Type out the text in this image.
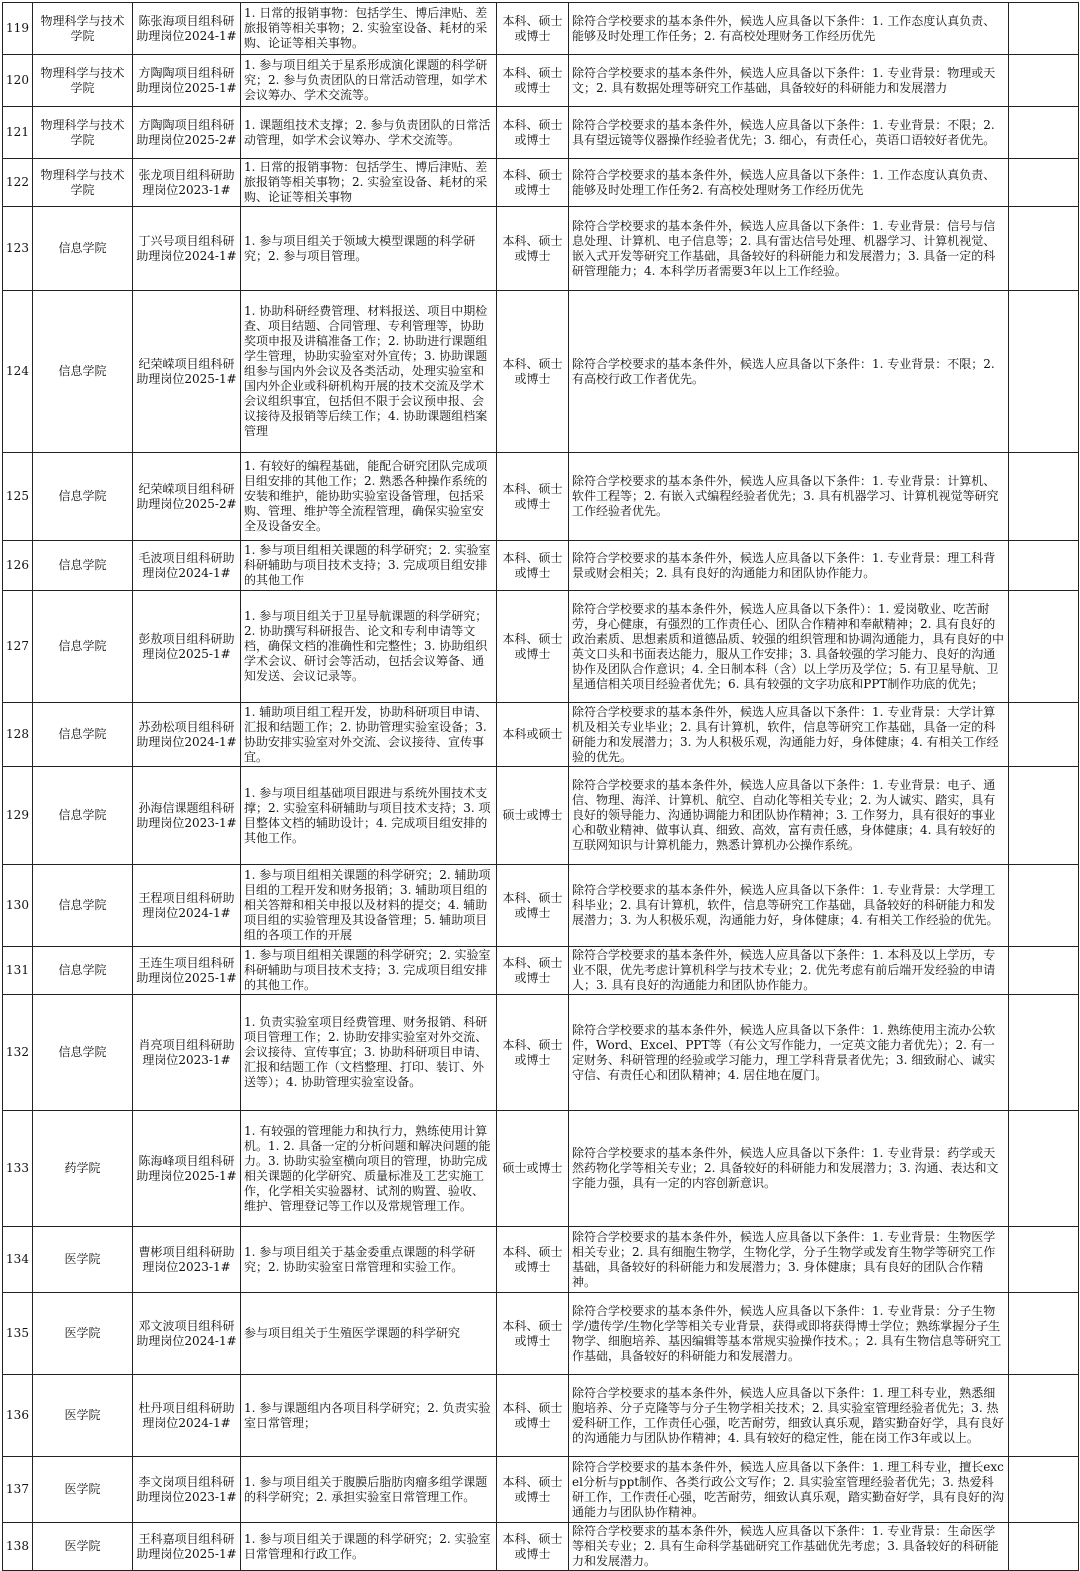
119	物理科学与技术学院	陈张海项目组科研助理岗位2024-1#	1. 日常的报销事物：包括学生、博后津贴、差旅报销等相关事物；2. 实验室设备、耗材的采购、论证等相关事物。	本科、硕士或博士	除符合学校要求的基本条件外，候选人应具备以下条件：1. 工作态度认真负责、能够及时处理工作任务；2. 有高校处理财务工作经历优先	
120	物理科学与技术学院	方陶陶项目组科研助理岗位2025-1#	1. 参与项目组关于星系形成演化课题的科学研究；2. 参与负责团队的日常活动管理，如学术会议筹办、学术交流等。	本科、硕士或博士	除符合学校要求的基本条件外，候选人应具备以下条件：1. 专业背景：物理或天文；2. 具有数据处理等研究工作基础，具备较好的科研能力和发展潜力	
121	物理科学与技术学院	方陶陶项目组科研助理岗位2025-2#	1. 课题组技术支撑；2. 参与负责团队的日常活动管理，如学术会议筹办、学术交流等。	本科、硕士或博士	除符合学校要求的基本条件外，候选人应具备以下条件：1. 专业背景：不限；2. 具有望远镜等仪器操作经验者优先；3. 细心，有责任心，英语口语较好者优先。	
122	物理科学与技术学院	张龙项目组科研助理岗位2023-1#	1. 日常的报销事物：包括学生、博后津贴、差旅报销等相关事物；2. 实验室设备、耗材的采购、论证等相关事物	本科、硕士或博士	除符合学校要求的基本条件外，候选人应具备以下条件：1. 工作态度认真负责、能够及时处理工作任务2. 有高校处理财务工作经历优先	
123	信息学院	丁兴号项目组科研助理岗位2024-1#	1. 参与项目组关于领域大模型课题的科学研究；2. 参与项目管理。	本科、硕士或博士	除符合学校要求的基本条件外，候选人应具备以下条件：1. 专业背景：信号与信息处理、计算机、电子信息等；2. 具有雷达信号处理、机器学习、计算机视觉、嵌入式开发等研究工作基础，具备较好的科研能力和发展潜力；3. 具备一定的科研管理能力；4. 本科学历者需要3年以上工作经验。	
124	信息学院	纪荣嵘项目组科研助理岗位2025-1#	1. 协助科研经费管理、材料报送、项目中期检查、项目结题、合同管理、专利管理等，协助奖项申报及讲稿准备工作；2. 协助进行课题组学生管理，协助实验室对外宣传；3. 协助课题组参与国内外会议及各类活动，处理实验室和国内外企业或科研机构开展的技术交流及学术会议组织事宜，包括但不限于会议预申报、会议接待及报销等后续工作；4. 协助课题组档案管理	本科、硕士或博士	除符合学校要求的基本条件外，候选人应具备以下条件：1. 专业背景：不限；2. 有高校行政工作者优先。	
125	信息学院	纪荣嵘项目组科研助理岗位2025-2#	1. 有较好的编程基础，能配合研究团队完成项目组安排的其他工作；2. 熟悉各种操作系统的安装和维护，能协助实验室设备管理，包括采购、管理、维护等全流程管理，确保实验室安全及设备安全。	本科、硕士或博士	除符合学校要求的基本条件外，候选人应具备以下条件：1. 专业背景：计算机、软件工程等；2. 有嵌入式编程经验者优先；3. 具有机器学习、计算机视觉等研究工作经验者优先。	
126	信息学院	毛波项目组科研助理岗位2024-1#	1. 参与项目组相关课题的科学研究；2. 实验室科研辅助与项目技术支持；3. 完成项目组安排的其他工作	本科、硕士或博士	除符合学校要求的基本条件外，候选人应具备以下条件：1. 专业背景：理工科背景或财会相关；2. 具有良好的沟通能力和团队协作能力。	
127	信息学院	彭敖项目组科研助理岗位2025-1#	1. 参与项目组关于卫星导航课题的科学研究；2. 协助撰写科研报告、论文和专利申请等文档，确保文档的准确性和完整性；3. 协助组织学术会议、研讨会等活动，包括会议筹备、通知发送、会议记录等。	本科、硕士或博士	除符合学校要求的基本条件外，候选人应具备以下条件）：1. 爱岗敬业、吃苦耐劳，身心健康，有强烈的工作责任心、团队合作精神和奉献精神；2. 具有良好的政治素质、思想素质和道德品质、较强的组织管理和协调沟通能力，具有良好的中英文口头和书面表达能力，服从工作安排；3. 具备较强的学习能力、良好的沟通协作及团队合作意识；4. 全日制本科（含）以上学历及学位；5. 有卫星导航、卫星通信相关项目经验者优先；6. 具有较强的文字功底和PPT制作功底的优先；	
128	信息学院	苏劲松项目组科研助理岗位2024-1#	1. 辅助项目组工程开发，协助科研项目申请、汇报和结题工作；2. 协助管理实验室设备；3. 协助安排实验室对外交流、会议接待、宣传事宜。	本科或硕士	除符合学校要求的基本条件外，候选人应具备以下条件：1. 专业背景：大学计算机及相关专业毕业；2. 具有计算机，软件，信息等研究工作基础，具备一定的科研能力和发展潜力；3. 为人积极乐观，沟通能力好，身体健康；4. 有相关工作经验的优先。	
129	信息学院	孙海信课题组科研助理岗位2023-1#	1. 参与项目组基础项目跟进与系统外围技术支撑；2. 实验室科研辅助与项目技术支持；3. 项目整体文档的辅助设计；4. 完成项目组安排的其他工作。	硕士或博士	除符合学校要求的基本条件外，候选人应具备以下条件：1. 专业背景：电子、通信、物理、海洋、计算机、航空、自动化等相关专业；2. 为人诚实、踏实，具有良好的领导能力、沟通协调能力和团队协作精神；3. 工作努力，具有很好的事业心和敬业精神、做事认真、细致、高效，富有责任感，身体健康；4. 具有较好的互联网知识与计算机能力，熟悉计算机办公操作系统。	
130	信息学院	王程项目组科研助理岗位2024-1#	1. 参与项目组相关课题的科学研究；2. 辅助项目组的工程开发和财务报销；3. 辅助项目组的相关答辩和相关申报以及材料的提交；4. 辅助项目组的实验管理及其设备管理；5. 辅助项目组的各项工作的开展	本科、硕士或博士	除符合学校要求的基本条件外，候选人应具备以下条件：1. 专业背景：大学理工科毕业；2. 具有计算机，软件，信息等研究工作基础，具备较好的科研能力和发展潜力；3. 为人积极乐观，沟通能力好，身体健康；4. 有相关工作经验的优先。	
131	信息学院	王连生项目组科研助理岗位2025-1#	1. 参与项目组相关课题的科学研究；2. 实验室科研辅助与项目技术支持；3. 完成项目组安排的其他工作。	本科、硕士或博士	除符合学校要求的基本条件外，候选人应具备以下条件：1. 本科及以上学历，专业不限，优先考虑计算机科学与技术专业；2. 优先考虑有前后端开发经验的申请人；3. 具有良好的沟通能力和团队协作能力。	
132	信息学院	肖亮项目组科研助理岗位2023-1#	1. 负责实验室项目经费管理、财务报销、科研项目管理工作；2. 协助安排实验室对外交流、会议接待、宣传事宜；3. 协助科研项目申请、汇报和结题工作（文档整理、打印、装订、外送等）；4. 协助管理实验室设备。	本科、硕士或博士	除符合学校要求的基本条件外，候选人应具备以下条件：1. 熟练使用主流办公软件，Word、Excel、PPT等（有公文写作能力，一定英文能力者优先）；2. 有一定财务、科研管理的经验或学习能力，理工学科背景者优先；3. 细致耐心、诚实守信、有责任心和团队精神；4. 居住地在厦门。	
133	药学院	陈海峰项目组科研助理岗位2025-1#	1. 有较强的管理能力和执行力，熟练使用计算机。1. 2. 具备一定的分析问题和解决问题的能力。3. 协助实验室横向项目的管理，协助完成相关课题的化学研究、质量标准及工艺实施工作，化学相关实验器材、试剂的购置、验收、维护、管理登记等工作以及常规管理工作。	硕士或博士	除符合学校要求的基本条件外，候选人应具备以下条件：1. 专业背景：药学或天然药物化学等相关专业；2. 具备较好的科研能力和发展潜力；3. 沟通、表达和文字能力强，具有一定的内容创新意识。	
134	医学院	曹彬项目组科研助理岗位2023-1#	1. 参与项目组关于基金委重点课题的科学研究；2. 协助实验室日常管理和实验工作。	本科、硕士或博士	除符合学校要求的基本条件外，候选人应具备以下条件：1. 专业背景：生物医学相关专业；2. 具有细胞生物学，生物化学，分子生物学或发育生物学等研究工作基础，具备较好的科研能力和发展潜力；3. 身体健康；具有良好的团队合作精神。	
135	医学院	邓文波项目组科研助理岗位2024-1#	参与项目组关于生殖医学课题的科学研究	本科、硕士或博士	除符合学校要求的基本条件外，候选人应具备以下条件：1. 专业背景：分子生物学/遗传学/生物化学等相关专业背景，获得或即将获得博士学位；熟练掌握分子生物学、细胞培养、基因编辑等基本常规实验操作技术。；2. 具有生物信息等研究工作基础，具备较好的科研能力和发展潜力。	
136	医学院	杜丹项目组科研助理岗位2024-1#	1. 参与课题组内各项目科学研究；2. 负责实验室日常管理；	本科、硕士或博士	除符合学校要求的基本条件外，候选人应具备以下条件：1. 理工科专业，熟悉细胞培养、分子克隆等与分子生物学相关技术；2. 具实验室管理经验者优先；3. 热爱科研工作，工作责任心强，吃苦耐劳，细致认真乐观，踏实勤奋好学，具有良好的沟通能力与团队协作精神；4. 具有较好的稳定性，能在岗工作3年或以上。	
137	医学院	李文岗项目组科研助理岗位2023-1#	1. 参与项目组关于腹膜后脂肪肉瘤多组学课题的科学研究；2. 承担实验室日常管理工作。	本科、硕士或博士	除符合学校要求的基本条件外，候选人应具备以下条件：1. 理工科专业，擅长excel分析与ppt制作、各类行政公文写作；2. 具实验室管理经验者优先；3. 热爱科研工作，工作责任心强，吃苦耐劳，细致认真乐观，踏实勤奋好学，具有良好的沟通能力与团队协作精神。	
138	医学院	王科嘉项目组科研助理岗位2025-1#	1. 参与项目组关于课题的科学研究；2. 实验室日常管理和行政工作。	本科、硕士或博士	除符合学校要求的基本条件外，候选人应具备以下条件：1. 专业背景：生命医学等相关专业；2. 具有生命科学基础研究工作基础优先考虑；3. 具备较好的科研能力和发展潜力。	
